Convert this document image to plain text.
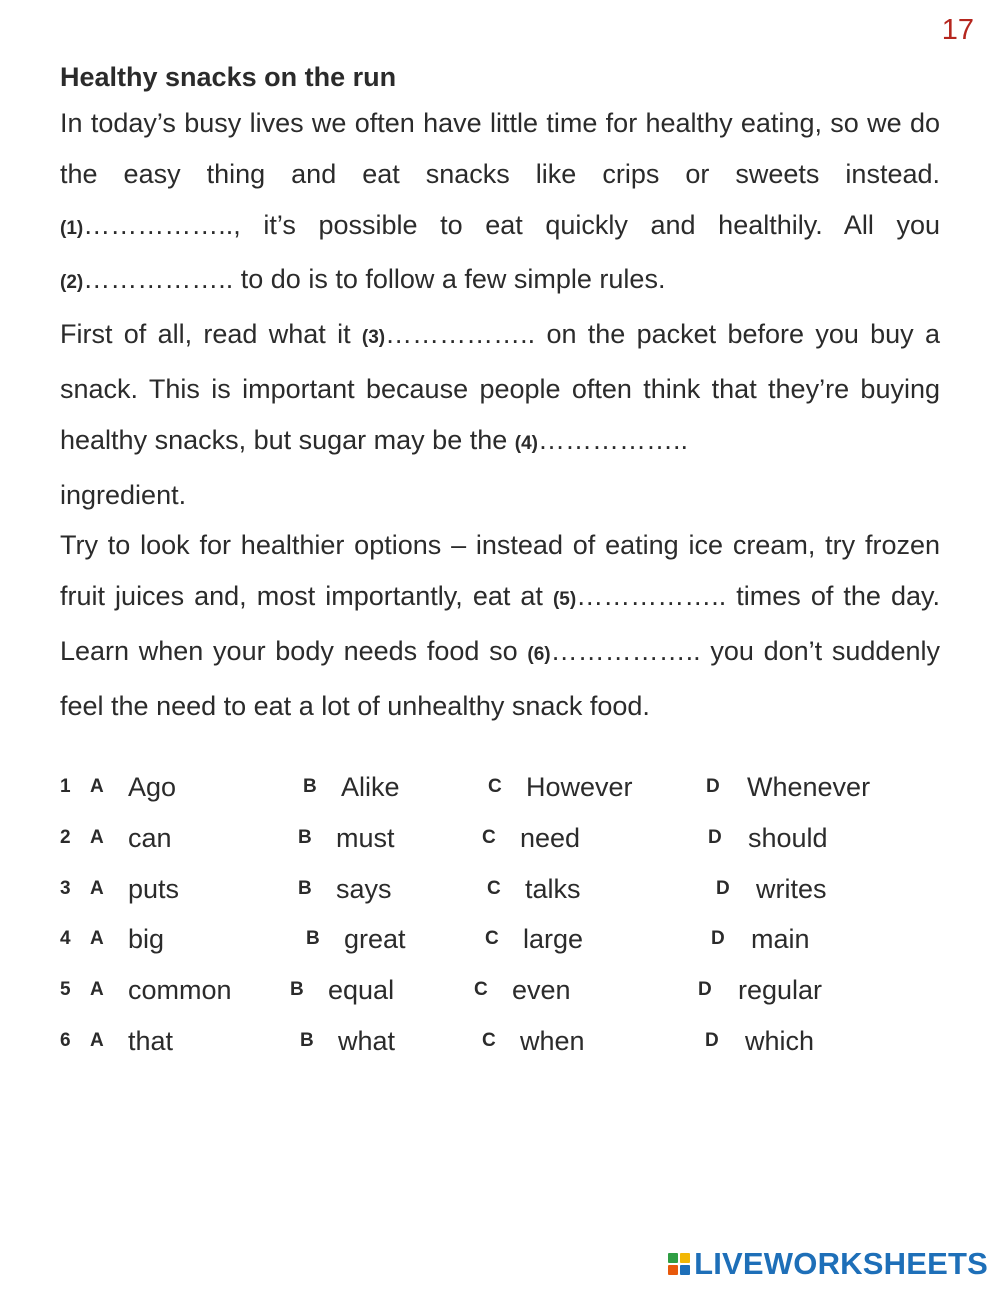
17
Healthy snacks on the run

In today’s busy lives we often have little time for healthy eating, so we do the easy thing and eat snacks like crips or sweets instead. (1)…………….., it’s possible to eat quickly and healthily. All you (2)…………….. to do is to follow a few simple rules.

First of all, read what it (3)…………….. on the packet before you buy a snack. This is important because people often think that they’re buying healthy snacks, but sugar may be the (4)……………..
ingredient.

Try to look for healthier options – instead of eating ice cream, try frozen fruit juices and, most importantly, eat at (5)…………….. times of the day. Learn when your body needs food so (6)…………….. you don’t suddenly feel the need to eat a lot of unhealthy snack food.

1 A Ago	B Alike	C However	D Whenever
2 A can	B must	C need	D should
3 A puts	B says	C talks	D writes
4 A big	B great	C large	D main
5 A common	B equal	C even	D regular
6 A that	B what	C when	D which
LIVEWORKSHEETS
